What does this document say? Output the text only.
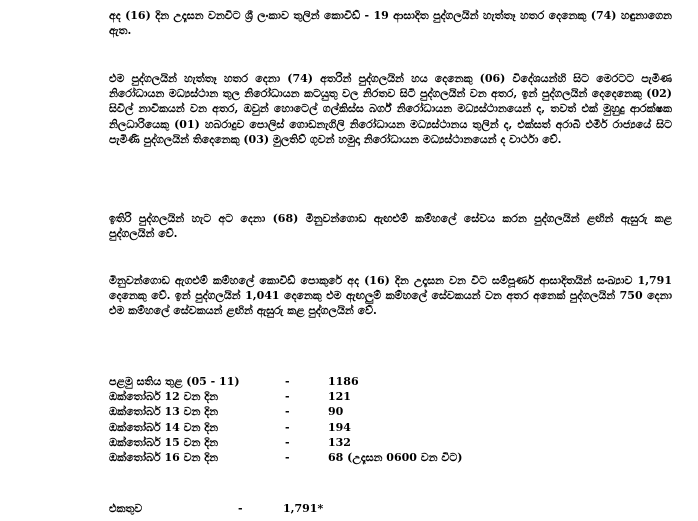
අද (16) දින උදෑසන වනවිට ශ්‍රී ලංකාව තුලින් කොවිඩ් - 19 ආසාදිත පුද්ගලයින් හැත්තෑ හතර දෙනෙකු (74) හඳුනාගෙන ඇත.

එම පුද්ගලයින් හැත්තෑ හතර දෙනා (74) අතරින් පුද්ගලයින් හය දෙනෙකු (06) විදේශයන්හි සිට මෙරටට පැමිණ නිරෝධායන මධ්‍යස්ථාන තුල නිරෝධායන කටයුතු වල නිරතව සිටි පුද්ගලයින් වන අතර, ඉන් පුද්ගලයින් දෙදෙනෙකු (02) සිවිල් නාවිකයන් වන අතර, ඔවුන් හොටෙල් ගල්කිස්ස බර්ග් නිරෝධායන මධ්‍යස්ථානයෙන් ද, තවත් එක් මුහුදු ආරක්ෂක නිලධාරියෙකු (01) හබරාදුව පොලිස් ගොඩනැගිලි නිරෝධායන මධ්‍යස්ථානය තුලින් ද, එක්සත් අරාබි එමීර් රාජ්‍යයේ සිට පැමිණි පුද්ගලයින් තිදෙනෙකු (03) මුලතිව් ගුවන් හමුදා නිරෝධායන මධ්‍යස්ථානයෙන් ද වාර්ථා වේ.

ඉතිරි පුද්ගලයින් හැට අට දෙනා (68) මිනුවන්ගොඩ ඇඟළුම් කම්හලේ සේවය කරන පුද්ගලයින් ළඟින් ඇසුරු කළ පුද්ගලයින් වේ.

මිනුවන්ගොඩ ඇගළුම් කම්හලේ කොවිඩ් පොකුරේ අද (16) දින උදෑසන වන විට සම්පූර්ණ ආසාදිතයින් සංඛ්‍යාව 1,791 දෙනෙකු වේ. ඉන් පුද්ගලයින් 1,041 දෙනෙකු එම ඇඟලුම් කම්හලේ සේවකයන් වන අතර අනෙක් පුද්ගලයින් 750 දෙනා එම කම්හලේ සේවකයන් ළඟින් ඇසුරු කළ පුද්ගලයින් වේ.

පළමු සතිය තුළ (05 - 11)	-	1186
ඔක්තෝබර් 12 වන දින	-	121
ඔක්තෝබර් 13 වන දින	-	90
ඔක්තෝබර් 14 වන දින	-	194
ඔක්තෝබර් 15 වන දින	-	132
ඔක්තෝබර් 16 වන දින	-	68 (උදෑසන 0600 වන විට)
එකතුව	-	1,791*
